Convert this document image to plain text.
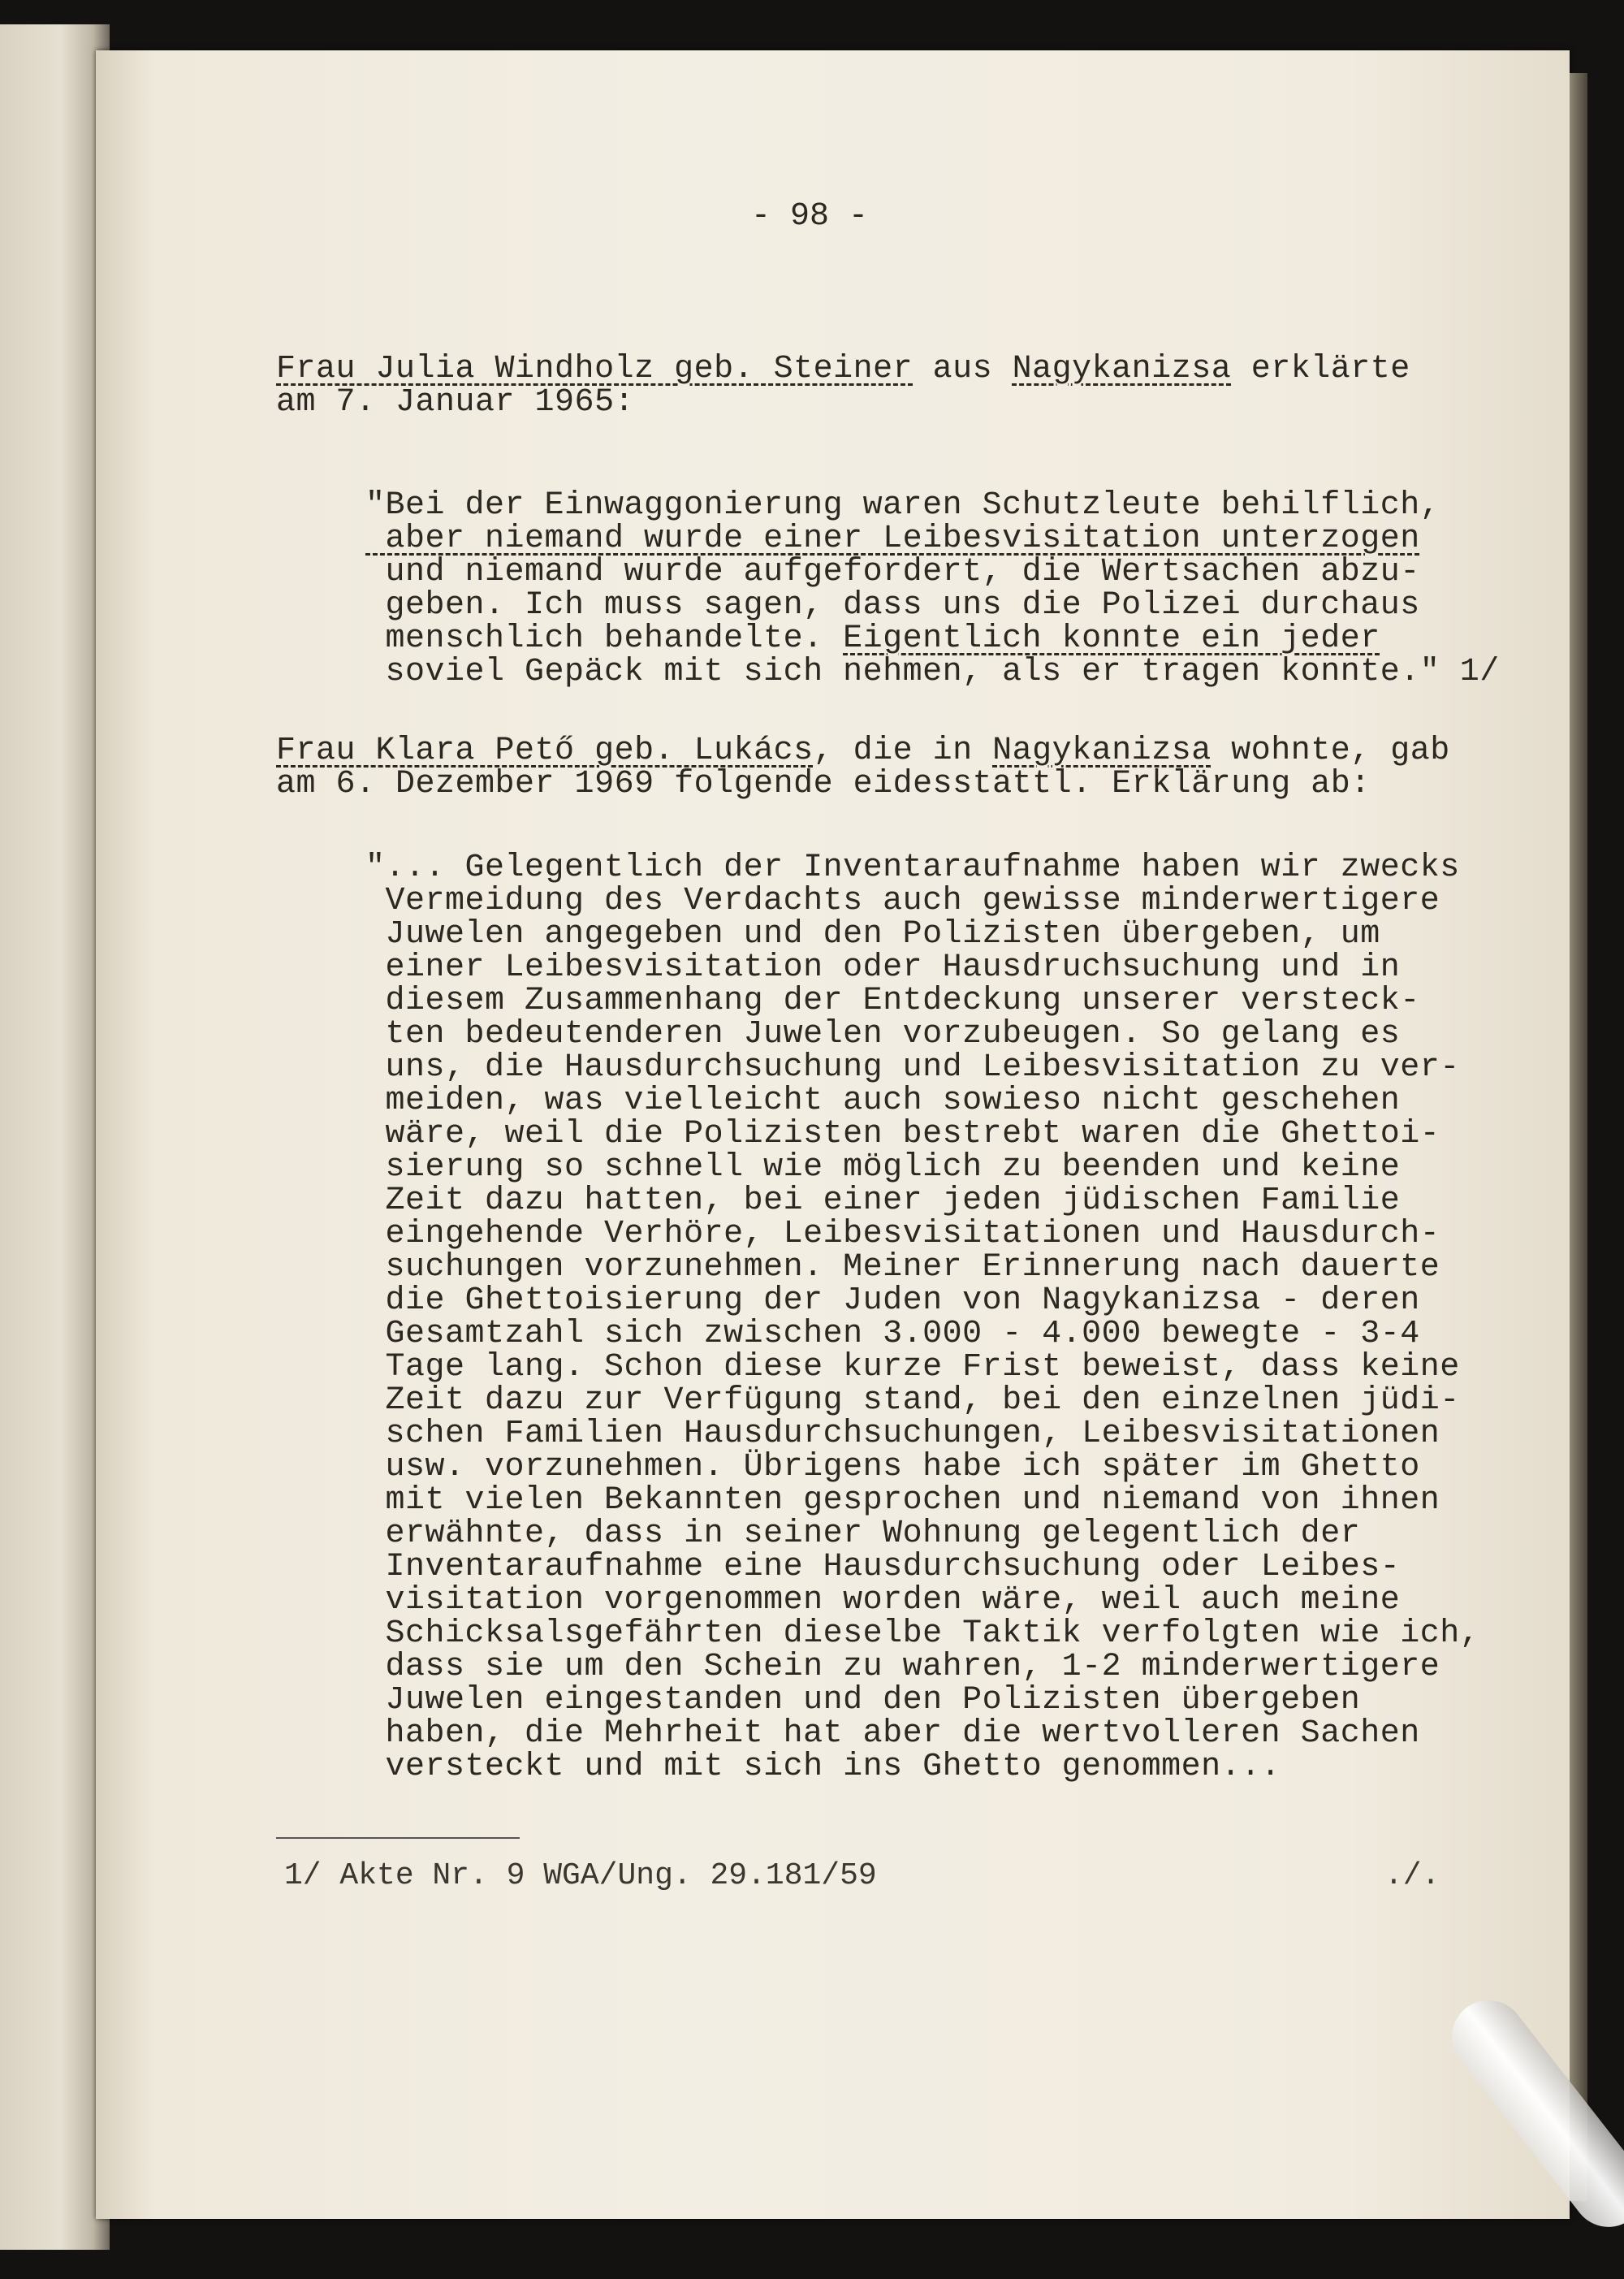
- 98 -
Frau Julia Windholz geb. Steiner aus Nagykanizsa erklärte
am 7. Januar 1965:
"Bei der Einwaggonierung waren Schutzleute behilflich,
aber niemand wurde einer Leibesvisitation unterzogen
und niemand wurde aufgefordert, die Wertsachen abzu-
geben. Ich muss sagen, dass uns die Polizei durchaus
menschlich behandelte. Eigentlich konnte ein jeder
soviel Gepäck mit sich nehmen, als er tragen konnte." 1/
Frau Klara Pető geb. Lukács, die in Nagykanizsa wohnte, gab
am 6. Dezember 1969 folgende eidesstattl. Erklärung ab:
"... Gelegentlich der Inventaraufnahme haben wir zwecks
Vermeidung des Verdachts auch gewisse minderwertigere
Juwelen angegeben und den Polizisten übergeben, um
einer Leibesvisitation oder Hausdruchsuchung und in
diesem Zusammenhang der Entdeckung unserer versteck-
ten bedeutenderen Juwelen vorzubeugen. So gelang es
uns, die Hausdurchsuchung und Leibesvisitation zu ver-
meiden, was vielleicht auch sowieso nicht geschehen
wäre, weil die Polizisten bestrebt waren die Ghettoi-
sierung so schnell wie möglich zu beenden und keine
Zeit dazu hatten, bei einer jeden jüdischen Familie
eingehende Verhöre, Leibesvisitationen und Hausdurch-
suchungen vorzunehmen. Meiner Erinnerung nach dauerte
die Ghettoisierung der Juden von Nagykanizsa - deren
Gesamtzahl sich zwischen 3.000 - 4.000 bewegte - 3-4
Tage lang. Schon diese kurze Frist beweist, dass keine
Zeit dazu zur Verfügung stand, bei den einzelnen jüdi-
schen Familien Hausdurchsuchungen, Leibesvisitationen
usw. vorzunehmen. Übrigens habe ich später im Ghetto
mit vielen Bekannten gesprochen und niemand von ihnen
erwähnte, dass in seiner Wohnung gelegentlich der
Inventaraufnahme eine Hausdurchsuchung oder Leibes-
visitation vorgenommen worden wäre, weil auch meine
Schicksalsgefährten dieselbe Taktik verfolgten wie ich,
dass sie um den Schein zu wahren, 1-2 minderwertigere
Juwelen eingestanden und den Polizisten übergeben
haben, die Mehrheit hat aber die wertvolleren Sachen
versteckt und mit sich ins Ghetto genommen...
1/ Akte Nr. 9 WGA/Ung. 29.181/59	./.
